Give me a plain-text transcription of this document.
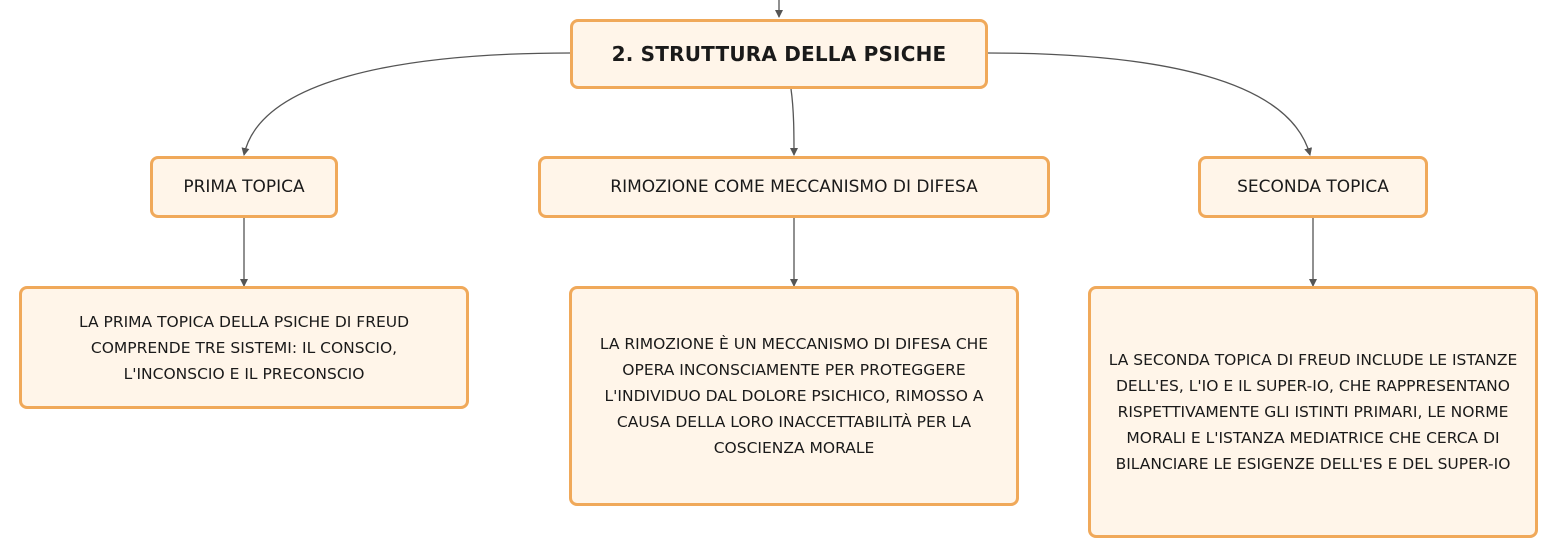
2. STRUTTURA DELLA PSICHE
PRIMA TOPICA	RIMOZIONE COME MECCANISMO DI DIFESA	SECONDA TOPICA
LA PRIMA TOPICA DELLA PSICHE DI FREUD
COMPRENDE TRE SISTEMI: IL CONSCIO,
L'INCONSCIO E IL PRECONSCIO
LA RIMOZIONE È UN MECCANISMO DI DIFESA CHE
OPERA INCONSCIAMENTE PER PROTEGGERE
L'INDIVIDUO DAL DOLORE PSICHICO, RIMOSSO A
CAUSA DELLA LORO INACCETTABILITÀ PER LA
COSCIENZA MORALE
LA SECONDA TOPICA DI FREUD INCLUDE LE ISTANZE
DELL'ES, L'IO E IL SUPER-IO, CHE RAPPRESENTANO
RISPETTIVAMENTE GLI ISTINTI PRIMARI, LE NORME
MORALI E L'ISTANZA MEDIATRICE CHE CERCA DI
BILANCIARE LE ESIGENZE DELL'ES E DEL SUPER-IO
